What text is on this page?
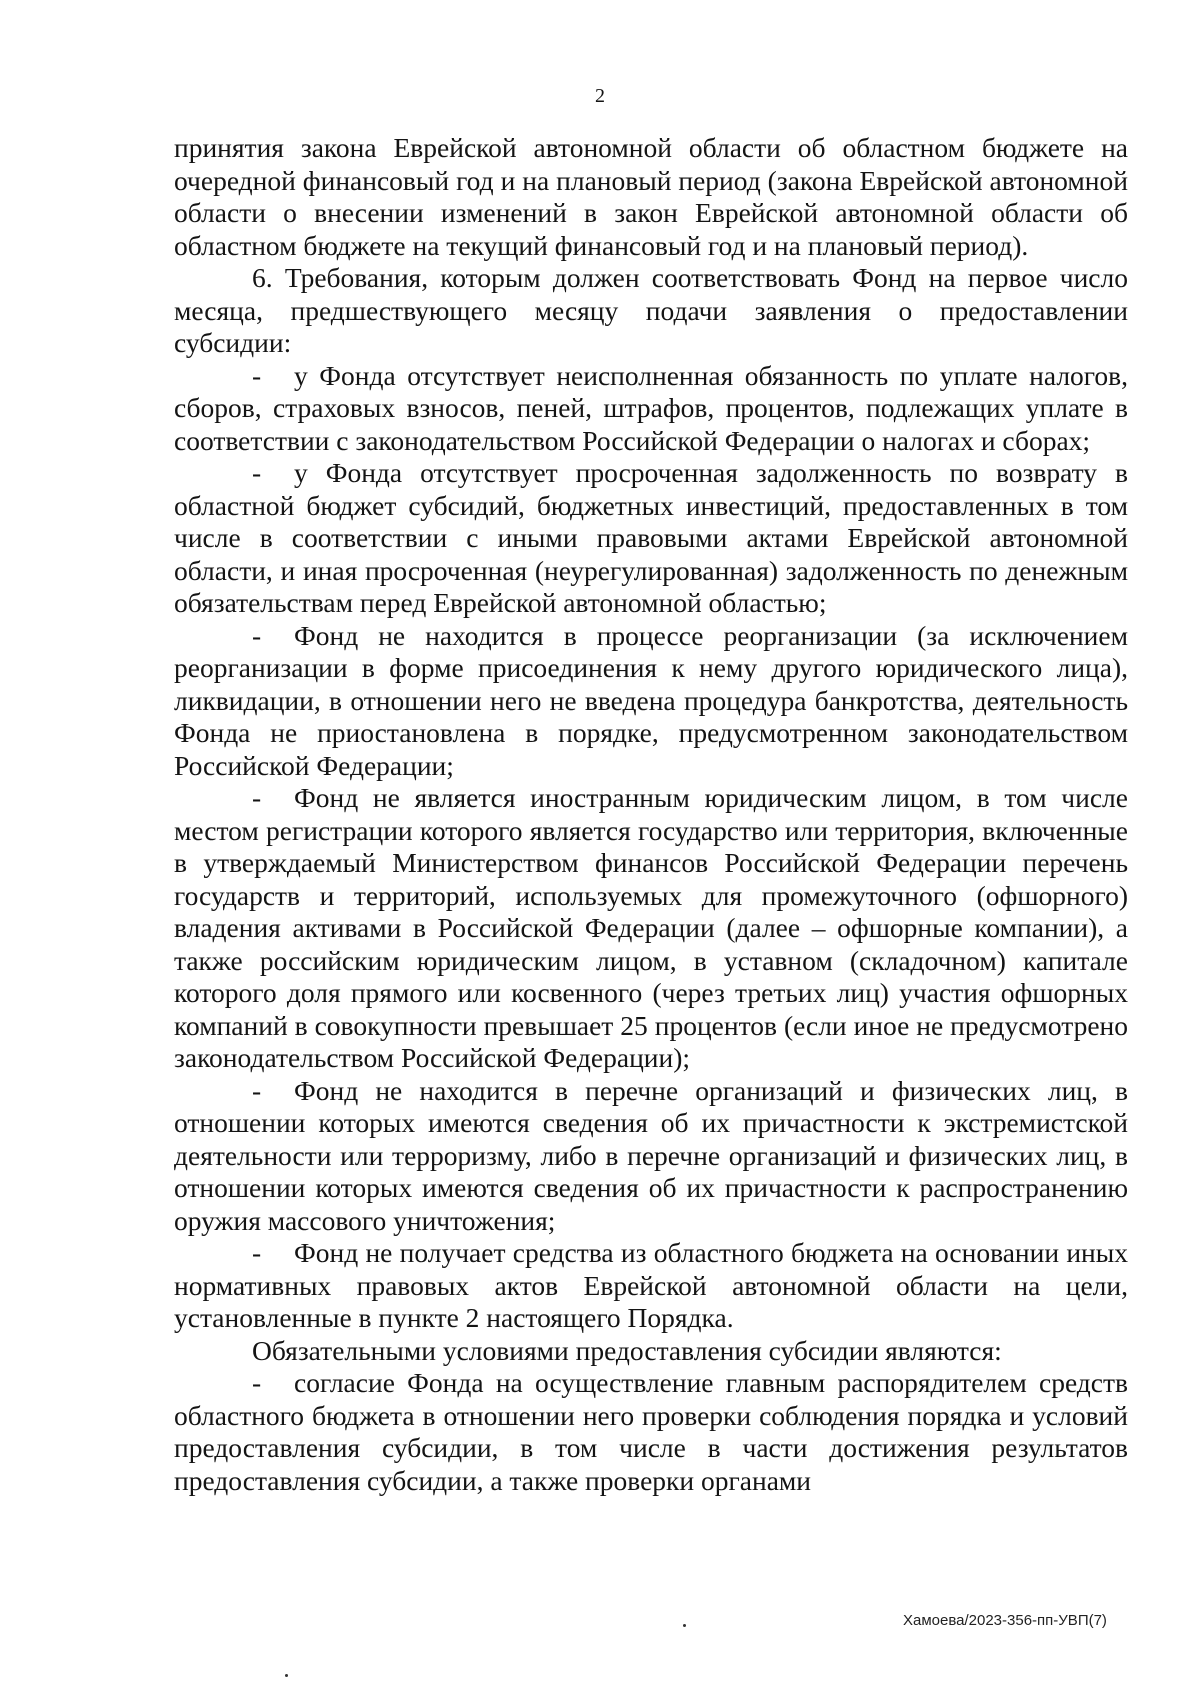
2

принятия закона Еврейской автономной области об областном бюджете на очередной финансовый год и на плановый период (закона Еврейской автономной области о внесении изменений в закон Еврейской автономной области об областном бюджете на текущий финансовый год и на плановый период).

6. Требования, которым должен соответствовать Фонд на первое число месяца, предшествующего месяцу подачи заявления о предоставлении субсидии:

- у Фонда отсутствует неисполненная обязанность по уплате налогов, сборов, страховых взносов, пеней, штрафов, процентов, подлежащих уплате в соответствии с законодательством Российской Федерации о налогах и сборах;

- у Фонда отсутствует просроченная задолженность по возврату в областной бюджет субсидий, бюджетных инвестиций, предоставленных в том числе в соответствии с иными правовыми актами Еврейской автономной области, и иная просроченная (неурегулированная) задолженность по денежным обязательствам перед Еврейской автономной областью;

- Фонд не находится в процессе реорганизации (за исключением реорганизации в форме присоединения к нему другого юридического лица), ликвидации, в отношении него не введена процедура банкротства, деятельность Фонда не приостановлена в порядке, предусмотренном законодательством Российской Федерации;

- Фонд не является иностранным юридическим лицом, в том числе местом регистрации которого является государство или территория, включенные в утверждаемый Министерством финансов Российской Федерации перечень государств и территорий, используемых для промежуточного (офшорного) владения активами в Российской Федерации (далее – офшорные компании), а также российским юридическим лицом, в уставном (складочном) капитале которого доля прямого или косвенного (через третьих лиц) участия офшорных компаний в совокупности превышает 25 процентов (если иное не предусмотрено законодательством Российской Федерации);

- Фонд не находится в перечне организаций и физических лиц, в отношении которых имеются сведения об их причастности к экстремистской деятельности или терроризму, либо в перечне организаций и физических лиц, в отношении которых имеются сведения об их причастности к распространению оружия массового уничтожения;

- Фонд не получает средства из областного бюджета на основании иных нормативных правовых актов Еврейской автономной области на цели, установленные в пункте 2 настоящего Порядка.

Обязательными условиями предоставления субсидии являются:

- согласие Фонда на осуществление главным распорядителем средств областного бюджета в отношении него проверки соблюдения порядка и условий предоставления субсидии, в том числе в части достижения результатов предоставления субсидии, а также проверки органами

Хамоева/2023-356-пп-УВП(7)
